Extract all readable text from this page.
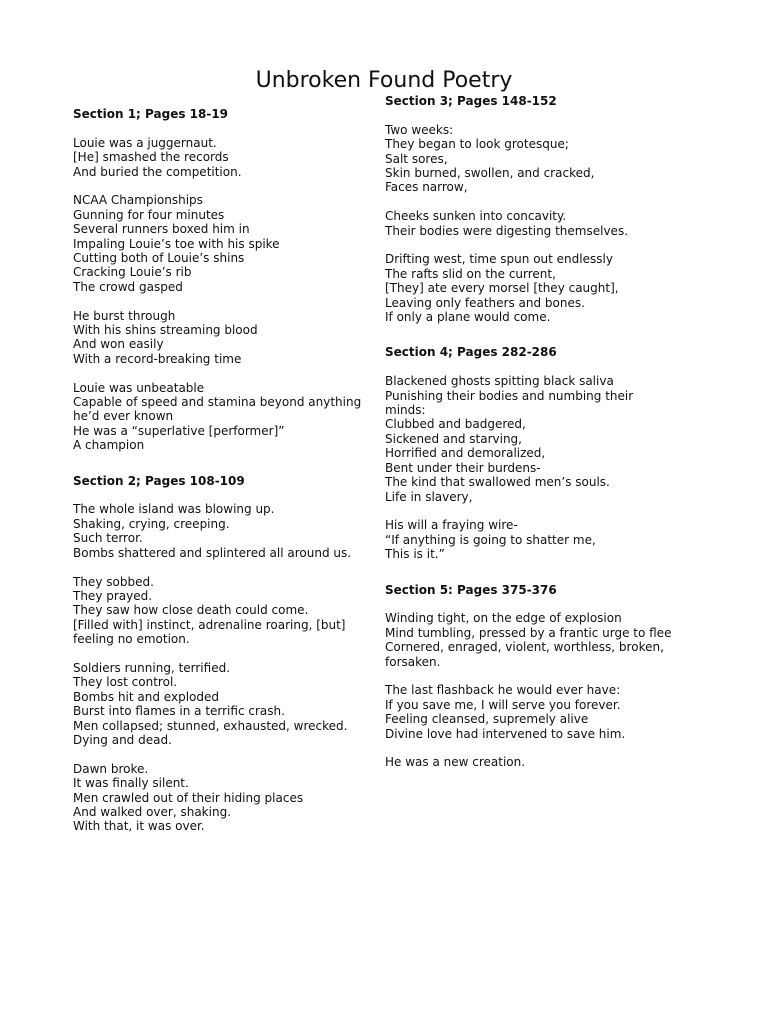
Unbroken Found Poetry
Section 1; Pages 18-19
Louie was a juggernaut.
[He] smashed the records
And buried the competition.
NCAA Championships
Gunning for four minutes
Several runners boxed him in
Impaling Louie’s toe with his spike
Cutting both of Louie’s shins
Cracking Louie’s rib
The crowd gasped
He burst through
With his shins streaming blood
And won easily
With a record-breaking time
Louie was unbeatable
Capable of speed and stamina beyond anything
he’d ever known
He was a “superlative [performer]”
A champion
Section 2; Pages 108-109
The whole island was blowing up.
Shaking, crying, creeping.
Such terror.
Bombs shattered and splintered all around us.
They sobbed.
They prayed.
They saw how close death could come.
[Filled with] instinct, adrenaline roaring, [but]
feeling no emotion.
Soldiers running, terrified.
They lost control.
Bombs hit and exploded
Burst into flames in a terrific crash.
Men collapsed; stunned, exhausted, wrecked.
Dying and dead.
Dawn broke.
It was finally silent.
Men crawled out of their hiding places
And walked over, shaking.
With that, it was over.
Section 3; Pages 148-152
Two weeks:
They began to look grotesque;
Salt sores,
Skin burned, swollen, and cracked,
Faces narrow,
Cheeks sunken into concavity.
Their bodies were digesting themselves.
Drifting west, time spun out endlessly
The rafts slid on the current,
[They] ate every morsel [they caught],
Leaving only feathers and bones.
If only a plane would come.
Section 4; Pages 282-286
Blackened ghosts spitting black saliva
Punishing their bodies and numbing their
minds:
Clubbed and badgered,
Sickened and starving,
Horrified and demoralized,
Bent under their burdens-
The kind that swallowed men’s souls.
Life in slavery,
His will a fraying wire-
“If anything is going to shatter me,
This is it.”
Section 5: Pages 375-376
Winding tight, on the edge of explosion
Mind tumbling, pressed by a frantic urge to flee
Cornered, enraged, violent, worthless, broken,
forsaken.
The last flashback he would ever have:
If you save me, I will serve you forever.
Feeling cleansed, supremely alive
Divine love had intervened to save him.
He was a new creation.
